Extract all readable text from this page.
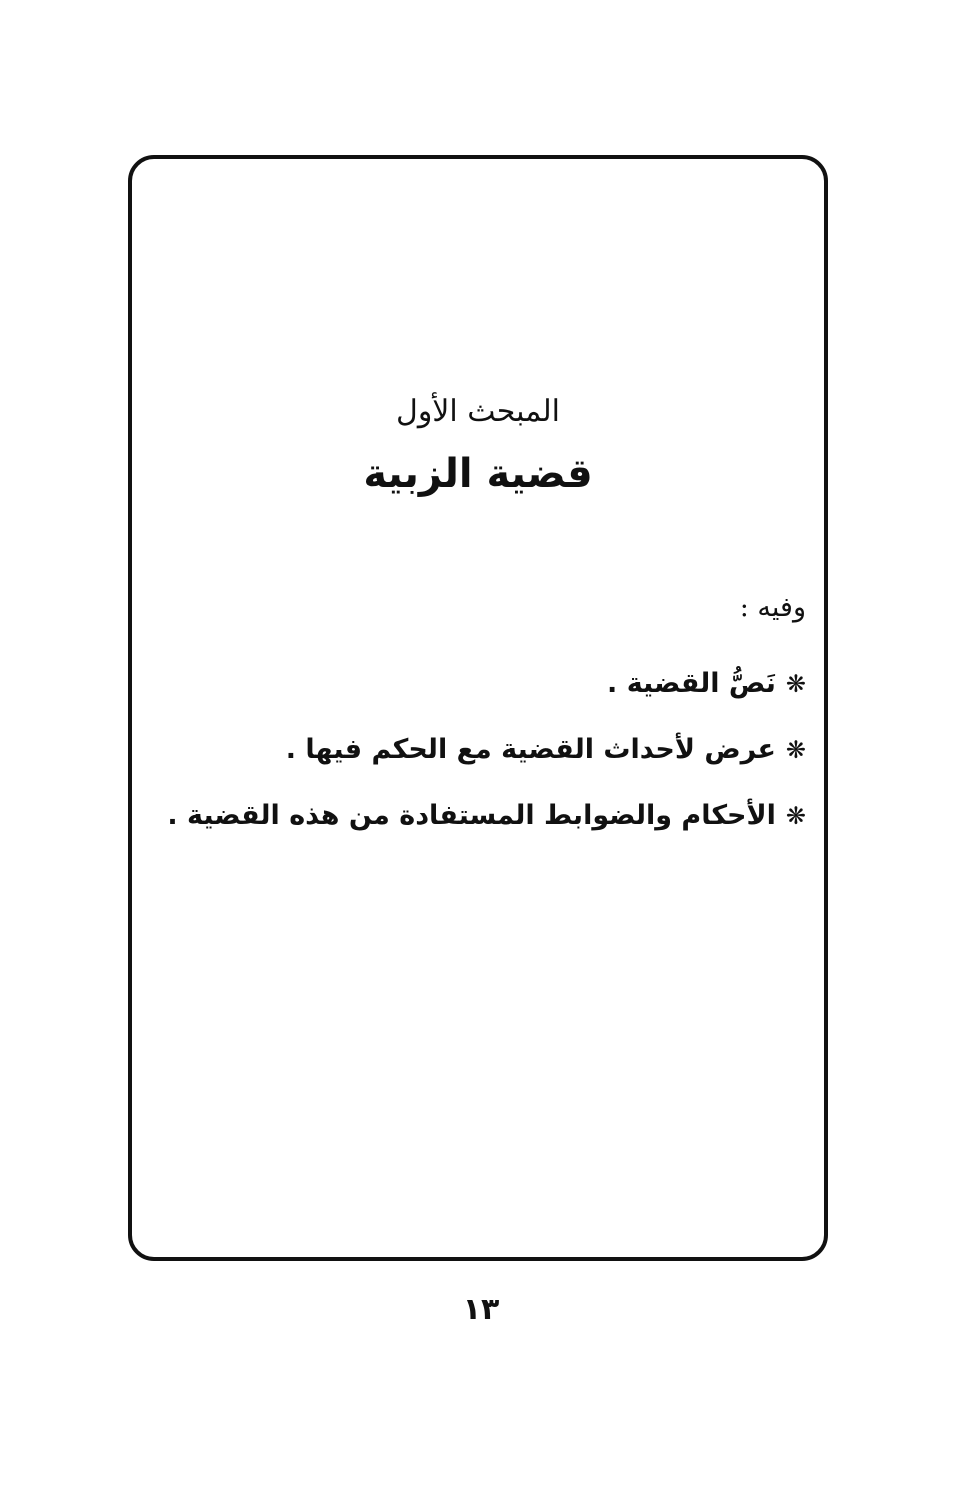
المبحث الأول
قضية الزبية
وفيه :
❋نَصُّ القضية .
❋عرض لأحداث القضية مع الحكم فيها .
❋الأحكام والضوابط المستفادة من هذه القضية .
١٣
